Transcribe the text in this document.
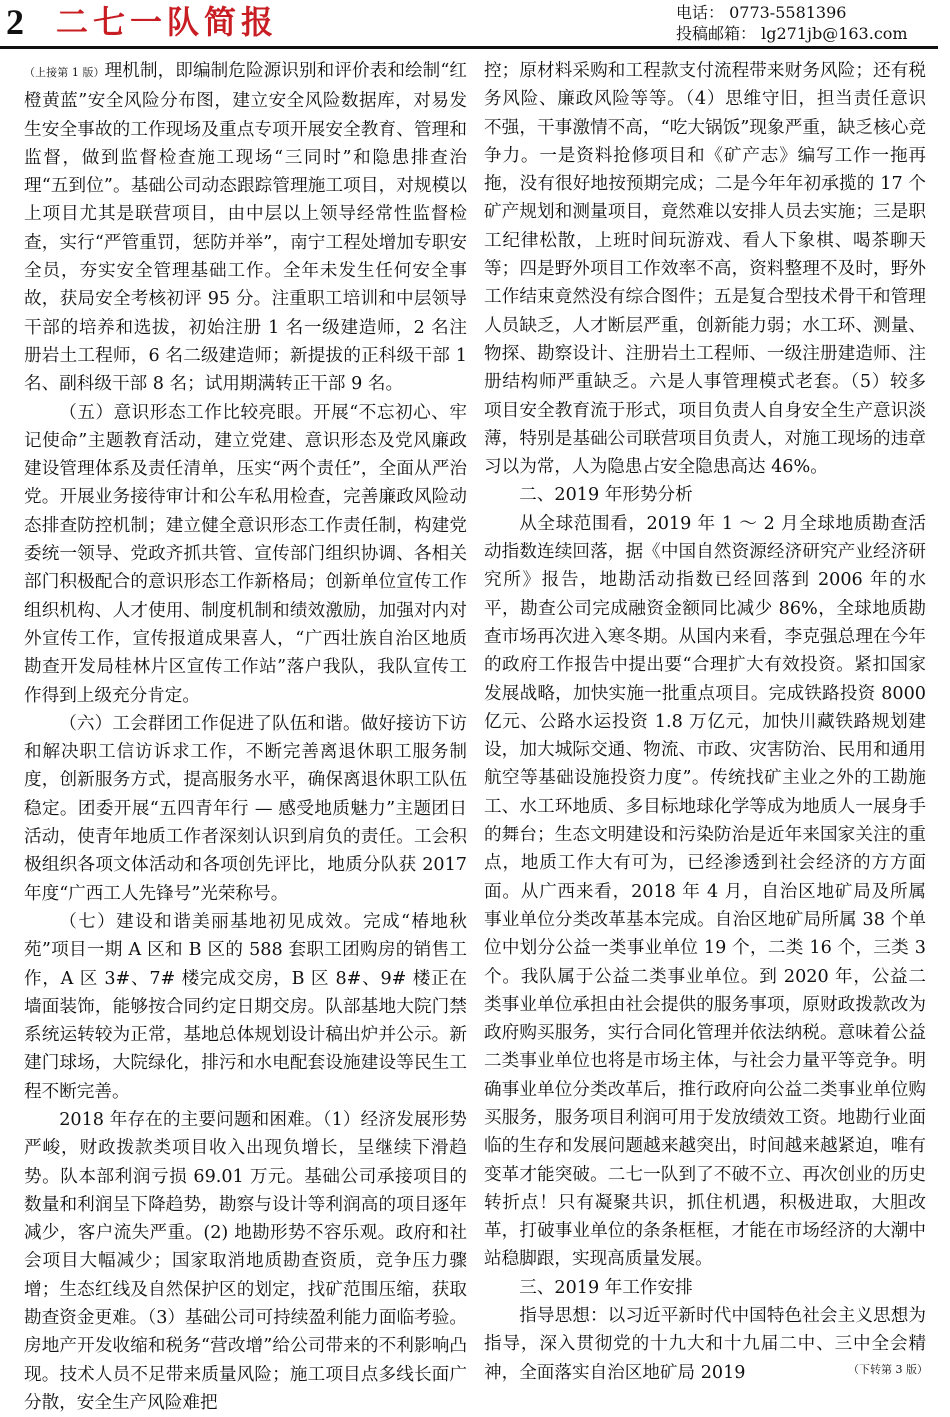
2 二七一队简报	电话： 0773-5581396
投稿邮箱： lg271jb@163.com

（上接第 1 版）理机制，即编制危险源识别和评价表和绘制“红橙黄蓝”安全风险分布图，建立安全风险数据库，对易发生安全事故的工作现场及重点专项开展安全教育、管理和监督，做到监督检查施工现场“三同时”和隐患排查治理“五到位”。基础公司动态跟踪管理施工项目，对规模以上项目尤其是联营项目，由中层以上领导经常性监督检查，实行“严管重罚，惩防并举”，南宁工程处增加专职安全员，夯实安全管理基础工作。全年未发生任何安全事故，获局安全考核初评 95 分。注重职工培训和中层领导干部的培养和选拔，初始注册 1 名一级建造师，2 名注册岩土工程师，6 名二级建造师；新提拔的正科级干部 1 名、副科级干部 8 名；试用期满转正干部 9 名。

（五）意识形态工作比较亮眼。开展“不忘初心、牢记使命”主题教育活动，建立党建、意识形态及党风廉政建设管理体系及责任清单，压实“两个责任”，全面从严治党。开展业务接待审计和公车私用检查，完善廉政风险动态排查防控机制；建立健全意识形态工作责任制，构建党委统一领导、党政齐抓共管、宣传部门组织协调、各相关部门积极配合的意识形态工作新格局；创新单位宣传工作组织机构、人才使用、制度机制和绩效激励，加强对内对外宣传工作，宣传报道成果喜人，“广西壮族自治区地质勘查开发局桂林片区宣传工作站”落户我队，我队宣传工作得到上级充分肯定。

（六）工会群团工作促进了队伍和谐。做好接访下访和解决职工信访诉求工作，不断完善离退休职工服务制度，创新服务方式，提高服务水平，确保离退休职工队伍稳定。团委开展“五四青年行 — 感受地质魅力”主题团日活动，使青年地质工作者深刻认识到肩负的责任。工会积极组织各项文体活动和各项创先评比，地质分队获 2017 年度“广西工人先锋号”光荣称号。

（七）建设和谐美丽基地初见成效。完成“椿地秋苑”项目一期 A 区和 B 区的 588 套职工团购房的销售工作，A 区 3#、7# 楼完成交房，B 区 8#、9# 楼正在墙面装饰，能够按合同约定日期交房。队部基地大院门禁系统运转较为正常，基地总体规划设计稿出炉并公示。新建门球场，大院绿化，排污和水电配套设施建设等民生工程不断完善。

2018 年存在的主要问题和困难。（1）经济发展形势严峻，财政拨款类项目收入出现负增长，呈继续下滑趋势。队本部利润亏损 69.01 万元。基础公司承接项目的数量和利润呈下降趋势，勘察与设计等利润高的项目逐年减少，客户流失严重。(2) 地勘形势不容乐观。政府和社会项目大幅减少；国家取消地质勘查资质，竞争压力骤增；生态红线及自然保护区的划定，找矿范围压缩，获取勘查资金更难。（3）基础公司可持续盈利能力面临考验。房地产开发收缩和税务“营改增”给公司带来的不利影响凸现。技术人员不足带来质量风险；施工项目点多线长面广分散，安全生产风险难把

控；原材料采购和工程款支付流程带来财务风险；还有税务风险、廉政风险等等。（4）思维守旧，担当责任意识不强，干事激情不高，“吃大锅饭”现象严重，缺乏核心竞争力。一是资料抢修项目和《矿产志》编写工作一拖再拖，没有很好地按预期完成；二是今年年初承揽的 17 个矿产规划和测量项目，竟然难以安排人员去实施；三是职工纪律松散，上班时间玩游戏、看人下象棋、喝茶聊天等；四是野外项目工作效率不高，资料整理不及时，野外工作结束竟然没有综合图件；五是复合型技术骨干和管理人员缺乏，人才断层严重，创新能力弱；水工环、测量、物探、勘察设计、注册岩土工程师、一级注册建造师、注册结构师严重缺乏。六是人事管理模式老套。（5）较多项目安全教育流于形式，项目负责人自身安全生产意识淡薄，特别是基础公司联营项目负责人，对施工现场的违章习以为常，人为隐患占安全隐患高达 46%。

二、2019 年形势分析

从全球范围看，2019 年 1 ～ 2 月全球地质勘查活动指数连续回落，据《中国自然资源经济研究产业经济研究所》报告，地勘活动指数已经回落到 2006 年的水平，勘查公司完成融资金额同比减少 86%，全球地质勘查市场再次进入寒冬期。从国内来看，李克强总理在今年的政府工作报告中提出要“合理扩大有效投资。紧扣国家发展战略，加快实施一批重点项目。完成铁路投资 8000 亿元、公路水运投资 1.8 万亿元，加快川藏铁路规划建设，加大城际交通、物流、市政、灾害防治、民用和通用航空等基础设施投资力度”。传统找矿主业之外的工勘施工、水工环地质、多目标地球化学等成为地质人一展身手的舞台；生态文明建设和污染防治是近年来国家关注的重点，地质工作大有可为，已经渗透到社会经济的方方面面。从广西来看，2018 年 4 月，自治区地矿局及所属事业单位分类改革基本完成。自治区地矿局所属 38 个单位中划分公益一类事业单位 19 个，二类 16 个，三类 3 个。我队属于公益二类事业单位。到 2020 年，公益二类事业单位承担由社会提供的服务事项，原财政拨款改为政府购买服务，实行合同化管理并依法纳税。意味着公益二类事业单位也将是市场主体，与社会力量平等竞争。明确事业单位分类改革后，推行政府向公益二类事业单位购买服务，服务项目利润可用于发放绩效工资。地勘行业面临的生存和发展问题越来越突出，时间越来越紧迫，唯有变革才能突破。二七一队到了不破不立、再次创业的历史转折点！只有凝聚共识，抓住机遇，积极进取，大胆改革，打破事业单位的条条框框，才能在市场经济的大潮中站稳脚跟，实现高质量发展。

三、2019 年工作安排

指导思想：以习近平新时代中国特色社会主义思想为指导，深入贯彻党的十九大和十九届二中、三中全会精神，全面落实自治区地矿局 2019	（下转第 3 版）
